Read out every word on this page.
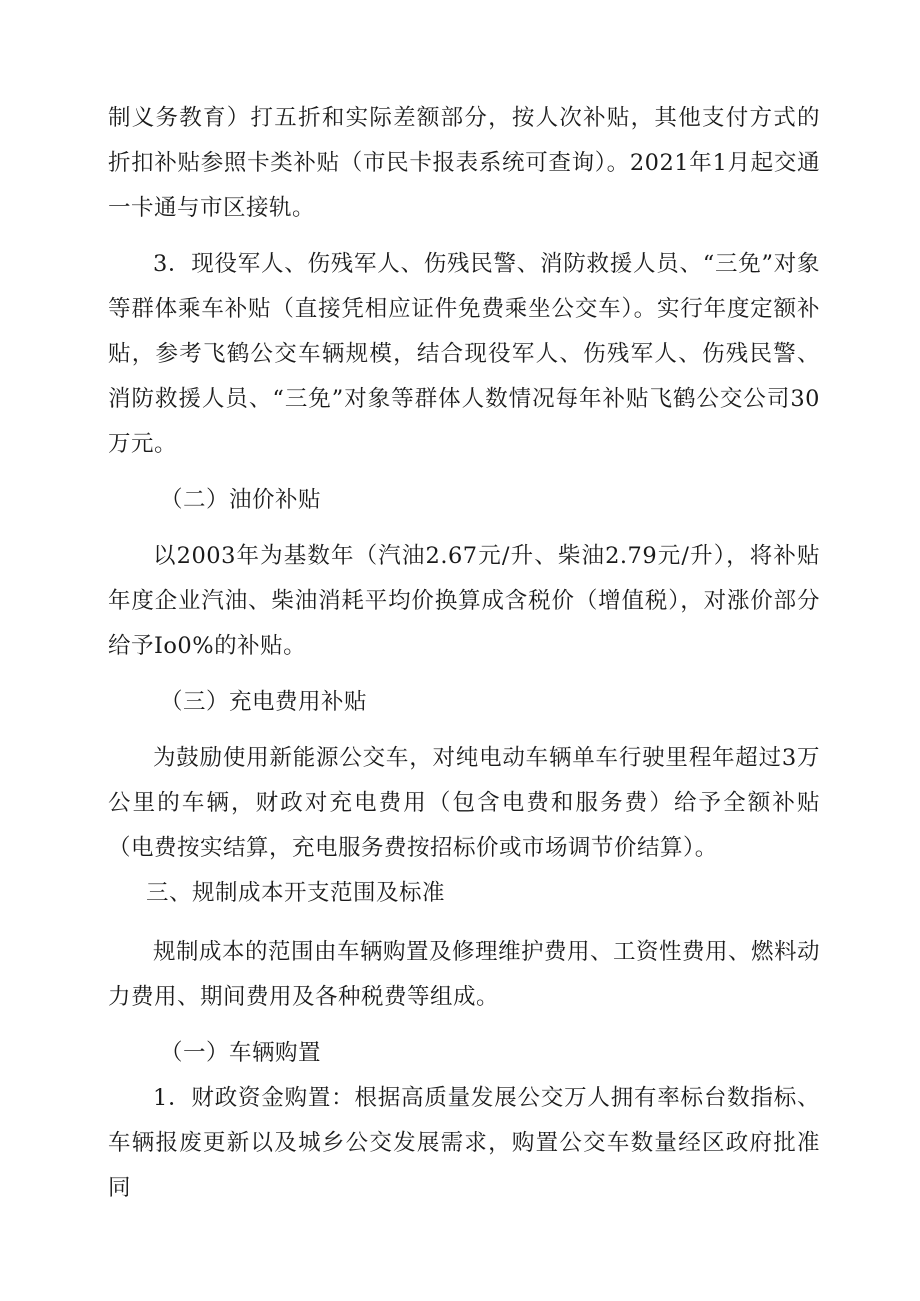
制义务教育）打五折和实际差额部分，按人次补贴，其他支付方式的折扣补贴参照卡类补贴（市民卡报表系统可查询）。2021年1月起交通一卡通与市区接轨。

3．现役军人、伤残军人、伤残民警、消防救援人员、“三免”对象等群体乘车补贴（直接凭相应证件免费乘坐公交车）。实行年度定额补贴，参考飞鹤公交车辆规模，结合现役军人、伤残军人、伤残民警、消防救援人员、“三免”对象等群体人数情况每年补贴飞鹤公交公司30万元。

（二）油价补贴

以2003年为基数年（汽油2.67元/升、柴油2.79元/升），将补贴年度企业汽油、柴油消耗平均价换算成含税价（增值税），对涨价部分给予Io0%的补贴。

（三）充电费用补贴

为鼓励使用新能源公交车，对纯电动车辆单车行驶里程年超过3万公里的车辆，财政对充电费用（包含电费和服务费）给予全额补贴（电费按实结算，充电服务费按招标价或市场调节价结算）。

三、规制成本开支范围及标准

规制成本的范围由车辆购置及修理维护费用、工资性费用、燃料动力费用、期间费用及各种税费等组成。

（一）车辆购置

1．财政资金购置：根据高质量发展公交万人拥有率标台数指标、车辆报废更新以及城乡公交发展需求，购置公交车数量经区政府批准同
